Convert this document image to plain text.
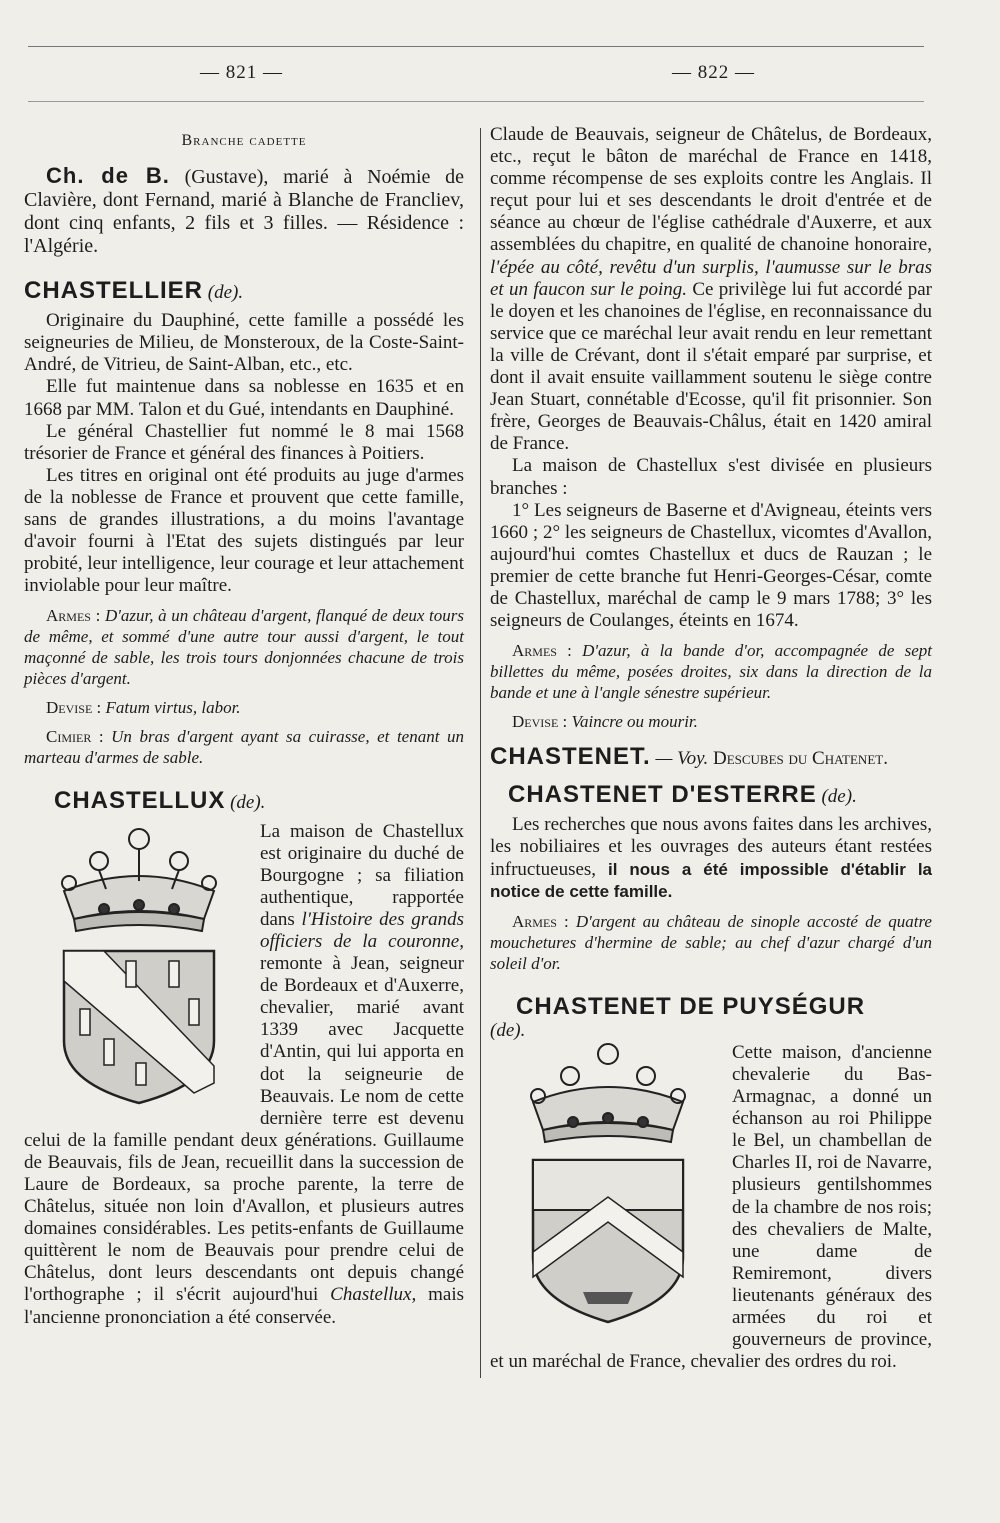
— 821 —	— 822 —
Branche cadette

Ch. de B. (Gustave), marié à Noémie de Clavière, dont Fernand, marié à Blanche de Francliev, dont cinq enfants, 2 fils et 3 filles. — Résidence : l'Algérie.

CHASTELLIER (de).

Originaire du Dauphiné, cette famille a possédé les seigneuries de Milieu, de Monsteroux, de la Coste-Saint-André, de Vitrieu, de Saint-Alban, etc., etc.

Elle fut maintenue dans sa noblesse en 1635 et en 1668 par MM. Talon et du Gué, intendants en Dauphiné.

Le général Chastellier fut nommé le 8 mai 1568 trésorier de France et général des finances à Poitiers.

Les titres en original ont été produits au juge d'armes de la noblesse de France et prouvent que cette famille, sans de grandes illustrations, a du moins l'avantage d'avoir fourni à l'Etat des sujets distingués par leur probité, leur intelligence, leur courage et leur attachement inviolable pour leur maître.

Armes : D'azur, à un château d'argent, flanqué de deux tours de même, et sommé d'une autre tour aussi d'argent, le tout maçonné de sable, les trois tours donjonnées chacune de trois pièces d'argent.

Devise : Fatum virtus, labor.

Cimier : Un bras d'argent ayant sa cuirasse, et tenant un marteau d'armes de sable.

CHASTELLUX (de).

La maison de Chastellux est originaire du duché de Bourgogne ; sa filiation authentique, rapportée dans l'Histoire des grands officiers de la couronne, remonte à Jean, seigneur de Bordeaux et d'Auxerre, chevalier, marié avant 1339 avec Jacquette d'Antin, qui lui apporta en dot la seigneurie de Beauvais. Le nom de cette dernière terre est devenu celui de la famille pendant deux générations. Guillaume de Beauvais, fils de Jean, recueillit dans la succession de Laure de Bordeaux, sa proche parente, la terre de Châtelus, située non loin d'Avallon, et plusieurs autres domaines considérables. Les petits-enfants de Guillaume quittèrent le nom de Beauvais pour prendre celui de Châtelus, dont leurs descendants ont depuis changé l'orthographe ; il s'écrit aujourd'hui Chastellux, mais l'ancienne prononciation a été conservée.

Claude de Beauvais, seigneur de Châtelus, de Bordeaux, etc., reçut le bâton de maréchal de France en 1418, comme récompense de ses exploits contre les Anglais. Il reçut pour lui et ses descendants le droit d'entrée et de séance au chœur de l'église cathédrale d'Auxerre, et aux assemblées du chapitre, en qualité de chanoine honoraire, l'épée au côté, revêtu d'un surplis, l'aumusse sur le bras et un faucon sur le poing. Ce privilège lui fut accordé par le doyen et les chanoines de l'église, en reconnaissance du service que ce maréchal leur avait rendu en leur remettant la ville de Crévant, dont il s'était emparé par surprise, et dont il avait ensuite vaillamment soutenu le siège contre Jean Stuart, connétable d'Ecosse, qu'il fit prisonnier. Son frère, Georges de Beauvais-Châlus, était en 1420 amiral de France.

La maison de Chastellux s'est divisée en plusieurs branches :

1° Les seigneurs de Baserne et d'Avigneau, éteints vers 1660 ; 2° les seigneurs de Chastellux, vicomtes d'Avallon, aujourd'hui comtes Chastellux et ducs de Rauzan ; le premier de cette branche fut Henri-Georges-César, comte de Chastellux, maréchal de camp le 9 mars 1788; 3° les seigneurs de Coulanges, éteints en 1674.

Armes : D'azur, à la bande d'or, accompagnée de sept billettes du même, posées droites, six dans la direction de la bande et une à l'angle sénestre supérieur.

Devise : Vaincre ou mourir.

CHASTENET. — Voy. Descubes du Chatenet.

CHASTENET D'ESTERRE (de).

Les recherches que nous avons faites dans les archives, les nobiliaires et les ouvrages des auteurs étant restées infructueuses, il nous a été impossible d'établir la notice de cette famille.

Armes : D'argent au château de sinople accosté de quatre mouchetures d'hermine de sable; au chef d'azur chargé d'un soleil d'or.

CHASTENET DE PUYSÉGUR

(de).

Cette maison, d'ancienne chevalerie du Bas-Armagnac, a donné un échanson au roi Philippe le Bel, un chambellan de Charles II, roi de Navarre, plusieurs gentilshommes de la chambre de nos rois; des chevaliers de Malte, une dame de Remiremont, divers lieutenants généraux des armées du roi et gouverneurs de province, et un maréchal de France, chevalier des ordres du roi.
